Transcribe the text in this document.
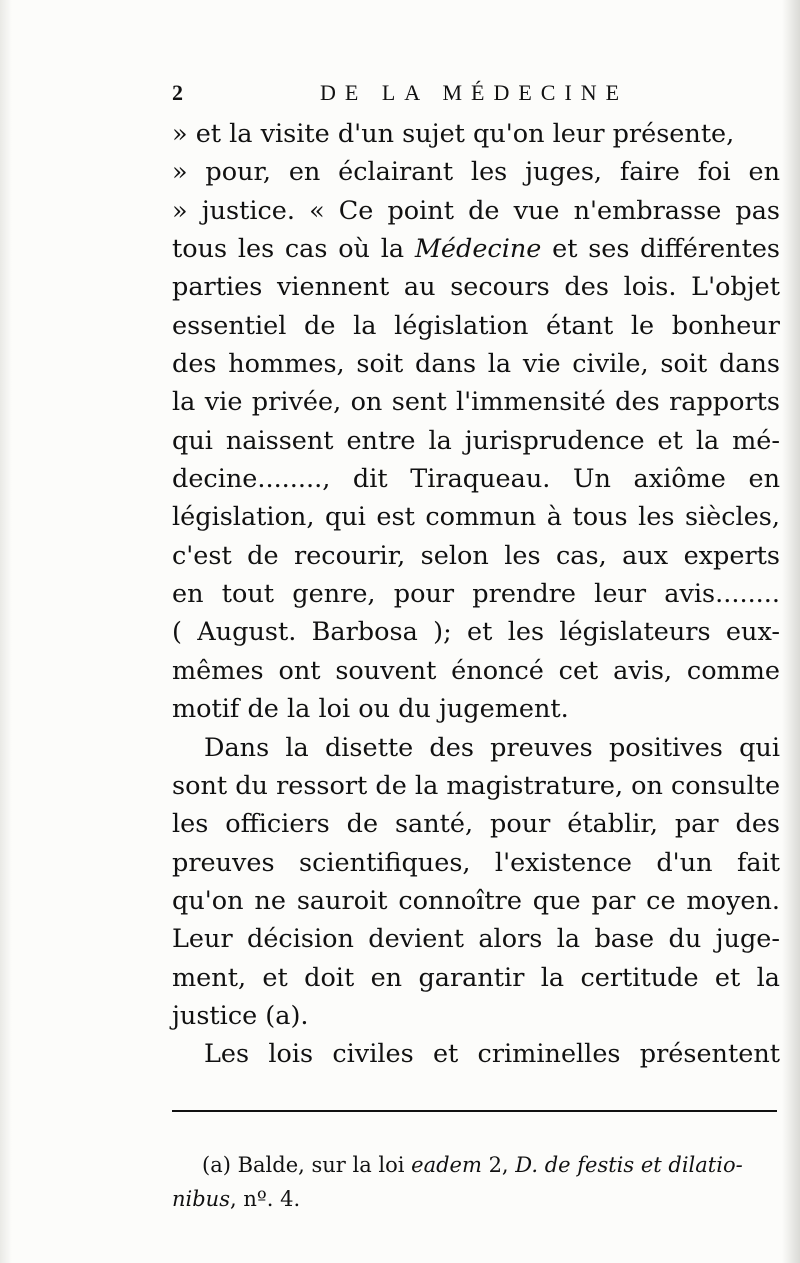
2	DE LA MÉDECINE
» et la visite d'un sujet qu'on leur présente,
» pour, en éclairant les juges, faire foi en
» justice. « Ce point de vue n'embrasse pas
tous les cas où la Médecine et ses différentes
parties viennent au secours des lois. L'objet
essentiel de la législation étant le bonheur
des hommes, soit dans la vie civile, soit dans
la vie privée, on sent l'immensité des rapports
qui naissent entre la jurisprudence et la mé-
decine........, dit Tiraqueau. Un axiôme en
législation, qui est commun à tous les siècles,
c'est de recourir, selon les cas, aux experts
en tout genre, pour prendre leur avis........
( August. Barbosa ); et les législateurs eux-
mêmes ont souvent énoncé cet avis, comme
motif de la loi ou du jugement.
Dans la disette des preuves positives qui
sont du ressort de la magistrature, on consulte
les officiers de santé, pour établir, par des
preuves scientifiques, l'existence d'un fait
qu'on ne sauroit connoître que par ce moyen.
Leur décision devient alors la base du juge-
ment, et doit en garantir la certitude et la
justice (a).
Les lois civiles et criminelles présentent
(a) Balde, sur la loi eadem 2, D. de festis et dilatio-
nibus, nº. 4.
